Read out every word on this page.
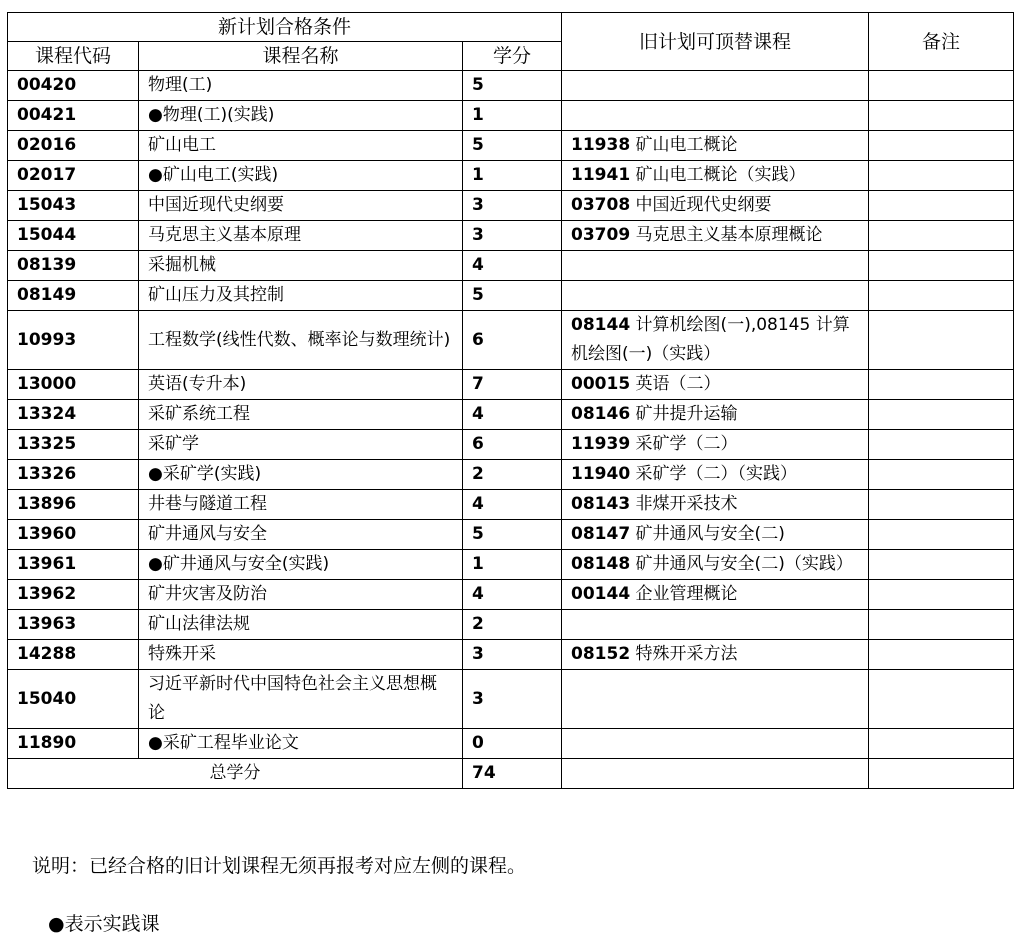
新计划合格条件			旧计划可顶替课程	备注
课程代码	课程名称	学分		
00420	物理(工)	5		
00421	●物理(工)(实践)	1		
02016	矿山电工	5	11938 矿山电工概论	
02017	●矿山电工(实践)	1	11941 矿山电工概论（实践）	
15043	中国近现代史纲要	3	03708 中国近现代史纲要	
15044	马克思主义基本原理	3	03709 马克思主义基本原理概论	
08139	采掘机械	4		
08149	矿山压力及其控制	5		
10993	工程数学(线性代数、概率论与数理统计)	6	08144 计算机绘图(一),08145 计算机绘图(一)（实践）	
13000	英语(专升本)	7	00015 英语（二）	
13324	采矿系统工程	4	08146 矿井提升运输	
13325	采矿学	6	11939 采矿学（二）	
13326	●采矿学(实践)	2	11940 采矿学（二）（实践）	
13896	井巷与隧道工程	4	08143 非煤开采技术	
13960	矿井通风与安全	5	08147 矿井通风与安全(二)	
13961	●矿井通风与安全(实践)	1	08148 矿井通风与安全(二)（实践）	
13962	矿井灾害及防治	4	00144 企业管理概论	
13963	矿山法律法规	2		
14288	特殊开采	3	08152 特殊开采方法	
15040	习近平新时代中国特色社会主义思想概论	3		
11890	●采矿工程毕业论文	0		
总学分		74		
说明：已经合格的旧计划课程无须再报考对应左侧的课程。
●表示实践课
